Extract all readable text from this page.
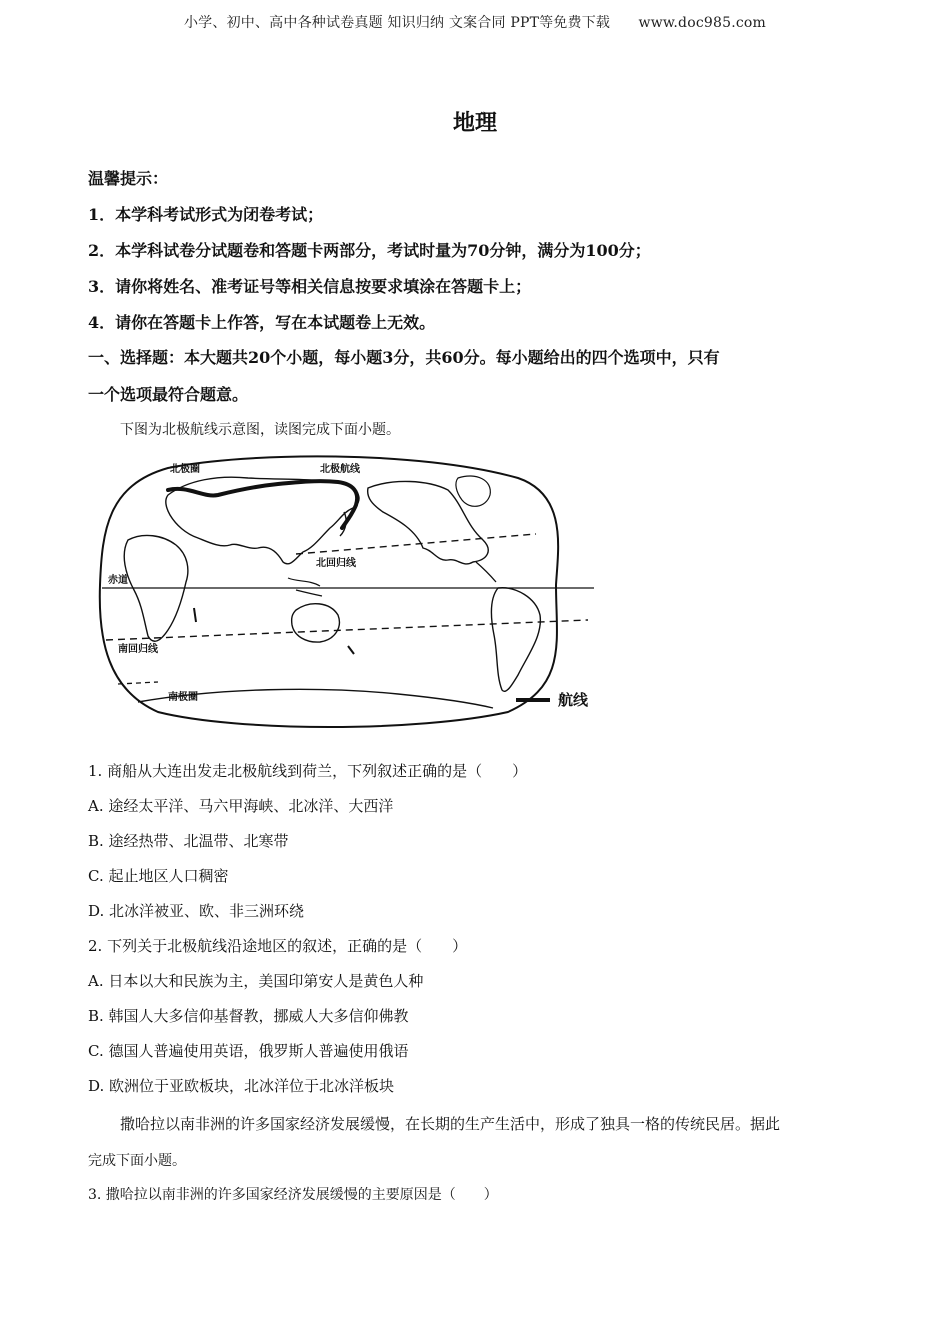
小学、初中、高中各种试卷真题 知识归纳 文案合同 PPT等免费下载　　www.doc985.com
地理
温馨提示：
1．本学科考试形式为闭卷考试；
2．本学科试卷分试题卷和答题卡两部分，考试时量为70分钟，满分为100分；
3．请你将姓名、准考证号等相关信息按要求填涂在答题卡上；
4．请你在答题卡上作答，写在本试题卷上无效。
一、选择题：本大题共20个小题，每小题3分，共60分。每小题给出的四个选项中，只有
一个选项最符合题意。
下图为北极航线示意图，读图完成下面小题。
北极圈	北极航线
北回归线
赤道
南回归线
南极圈	航线
1. 商船从大连出发走北极航线到荷兰，下列叙述正确的是（　　）
A. 途经太平洋、马六甲海峡、北冰洋、大西洋
B. 途经热带、北温带、北寒带
C. 起止地区人口稠密
D. 北冰洋被亚、欧、非三洲环绕
2. 下列关于北极航线沿途地区的叙述，正确的是（　　）
A. 日本以大和民族为主，美国印第安人是黄色人种
B. 韩国人大多信仰基督教，挪威人大多信仰佛教
C. 德国人普遍使用英语，俄罗斯人普遍使用俄语
D. 欧洲位于亚欧板块，北冰洋位于北冰洋板块
撒哈拉以南非洲的许多国家经济发展缓慢，在长期的生产生活中，形成了独具一格的传统民居。据此
完成下面小题。
3. 撒哈拉以南非洲的许多国家经济发展缓慢的主要原因是（　　）
